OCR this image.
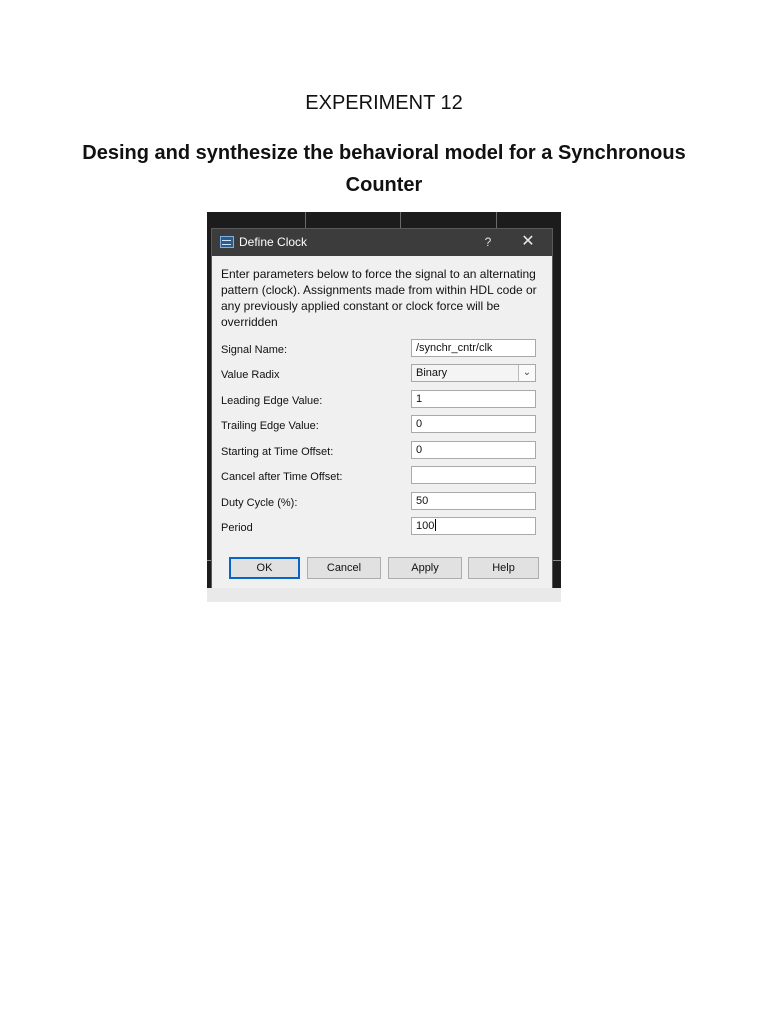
EXPERIMENT 12
Desing and synthesize the behavioral model for a Synchronous Counter
Define Clock	?	✕
Enter parameters below to force the signal to an alternating pattern (clock). Assignments made from within HDL code or any previously applied constant or clock force will be overridden
Signal Name:	/synchr_cntr/clk
Value Radix	Binary	⌄
Leading Edge Value:	1
Trailing Edge Value:	0
Starting at Time Offset:	0
Cancel after Time Offset:
Duty Cycle (%):	50
Period	100
OK	Cancel	Apply	Help
